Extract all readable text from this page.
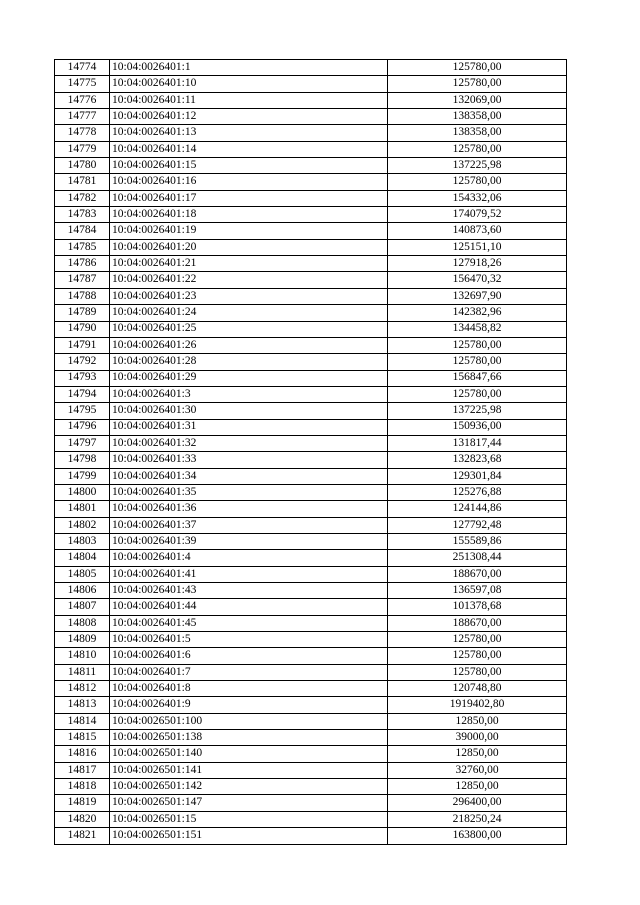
14774	10:04:0026401:1	125780,00
14775	10:04:0026401:10	125780,00
14776	10:04:0026401:11	132069,00
14777	10:04:0026401:12	138358,00
14778	10:04:0026401:13	138358,00
14779	10:04:0026401:14	125780,00
14780	10:04:0026401:15	137225,98
14781	10:04:0026401:16	125780,00
14782	10:04:0026401:17	154332,06
14783	10:04:0026401:18	174079,52
14784	10:04:0026401:19	140873,60
14785	10:04:0026401:20	125151,10
14786	10:04:0026401:21	127918,26
14787	10:04:0026401:22	156470,32
14788	10:04:0026401:23	132697,90
14789	10:04:0026401:24	142382,96
14790	10:04:0026401:25	134458,82
14791	10:04:0026401:26	125780,00
14792	10:04:0026401:28	125780,00
14793	10:04:0026401:29	156847,66
14794	10:04:0026401:3	125780,00
14795	10:04:0026401:30	137225,98
14796	10:04:0026401:31	150936,00
14797	10:04:0026401:32	131817,44
14798	10:04:0026401:33	132823,68
14799	10:04:0026401:34	129301,84
14800	10:04:0026401:35	125276,88
14801	10:04:0026401:36	124144,86
14802	10:04:0026401:37	127792,48
14803	10:04:0026401:39	155589,86
14804	10:04:0026401:4	251308,44
14805	10:04:0026401:41	188670,00
14806	10:04:0026401:43	136597,08
14807	10:04:0026401:44	101378,68
14808	10:04:0026401:45	188670,00
14809	10:04:0026401:5	125780,00
14810	10:04:0026401:6	125780,00
14811	10:04:0026401:7	125780,00
14812	10:04:0026401:8	120748,80
14813	10:04:0026401:9	1919402,80
14814	10:04:0026501:100	12850,00
14815	10:04:0026501:138	39000,00
14816	10:04:0026501:140	12850,00
14817	10:04:0026501:141	32760,00
14818	10:04:0026501:142	12850,00
14819	10:04:0026501:147	296400,00
14820	10:04:0026501:15	218250,24
14821	10:04:0026501:151	163800,00
